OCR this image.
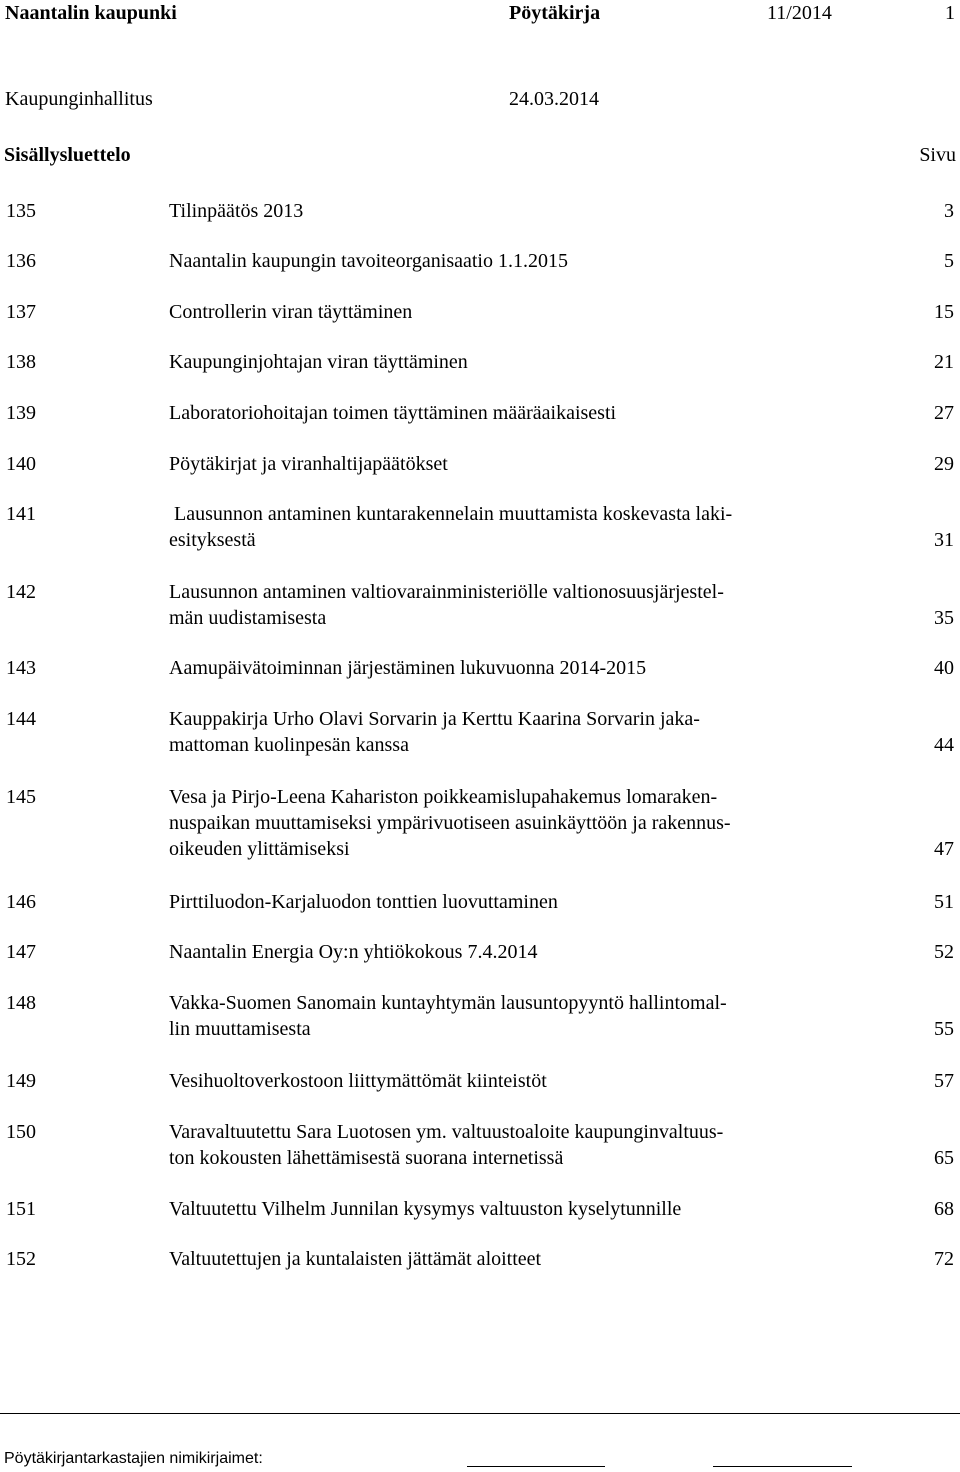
Naantalin kaupunki	Pöytäkirja	11/2014	1
Kaupunginhallitus	24.03.2014
Sisällysluettelo	Sivu
135	Tilinpäätös 2013	3
136	Naantalin kaupungin tavoiteorganisaatio 1.1.2015	5
137	Controllerin viran täyttäminen	15
138	Kaupunginjohtajan viran täyttäminen	21
139	Laboratoriohoitajan toimen täyttäminen määräaikaisesti	27
140	Pöytäkirjat ja viranhaltijapäätökset	29
141	Lausunnon antaminen kuntarakennelain muuttamista koskevasta laki-
esityksestä	31
142	Lausunnon antaminen valtiovarainministeriölle valtionosuusjärjestel-
män uudistamisesta	35
143	Aamupäivätoiminnan järjestäminen lukuvuonna 2014-2015	40
144	Kauppakirja Urho Olavi Sorvarin ja Kerttu Kaarina Sorvarin jaka-
mattoman kuolinpesän kanssa	44
145	Vesa ja Pirjo-Leena Kahariston poikkeamislupahakemus lomaraken-
nuspaikan muuttamiseksi ympärivuotiseen asuinkäyttöön ja rakennus-
oikeuden ylittämiseksi	47
146	Pirttiluodon-Karjaluodon tonttien luovuttaminen	51
147	Naantalin Energia Oy:n yhtiökokous 7.4.2014	52
148	Vakka-Suomen Sanomain kuntayhtymän lausuntopyyntö hallintomal-
lin muuttamisesta	55
149	Vesihuoltoverkostoon liittymättömät kiinteistöt	57
150	Varavaltuutettu Sara Luotosen ym. valtuustoaloite kaupunginvaltuus-
ton kokousten lähettämisestä suorana internetissä	65
151	Valtuutettu Vilhelm Junnilan kysymys valtuuston kyselytunnille	68
152	Valtuutettujen ja kuntalaisten jättämät aloitteet	72
Pöytäkirjantarkastajien nimikirjaimet:
